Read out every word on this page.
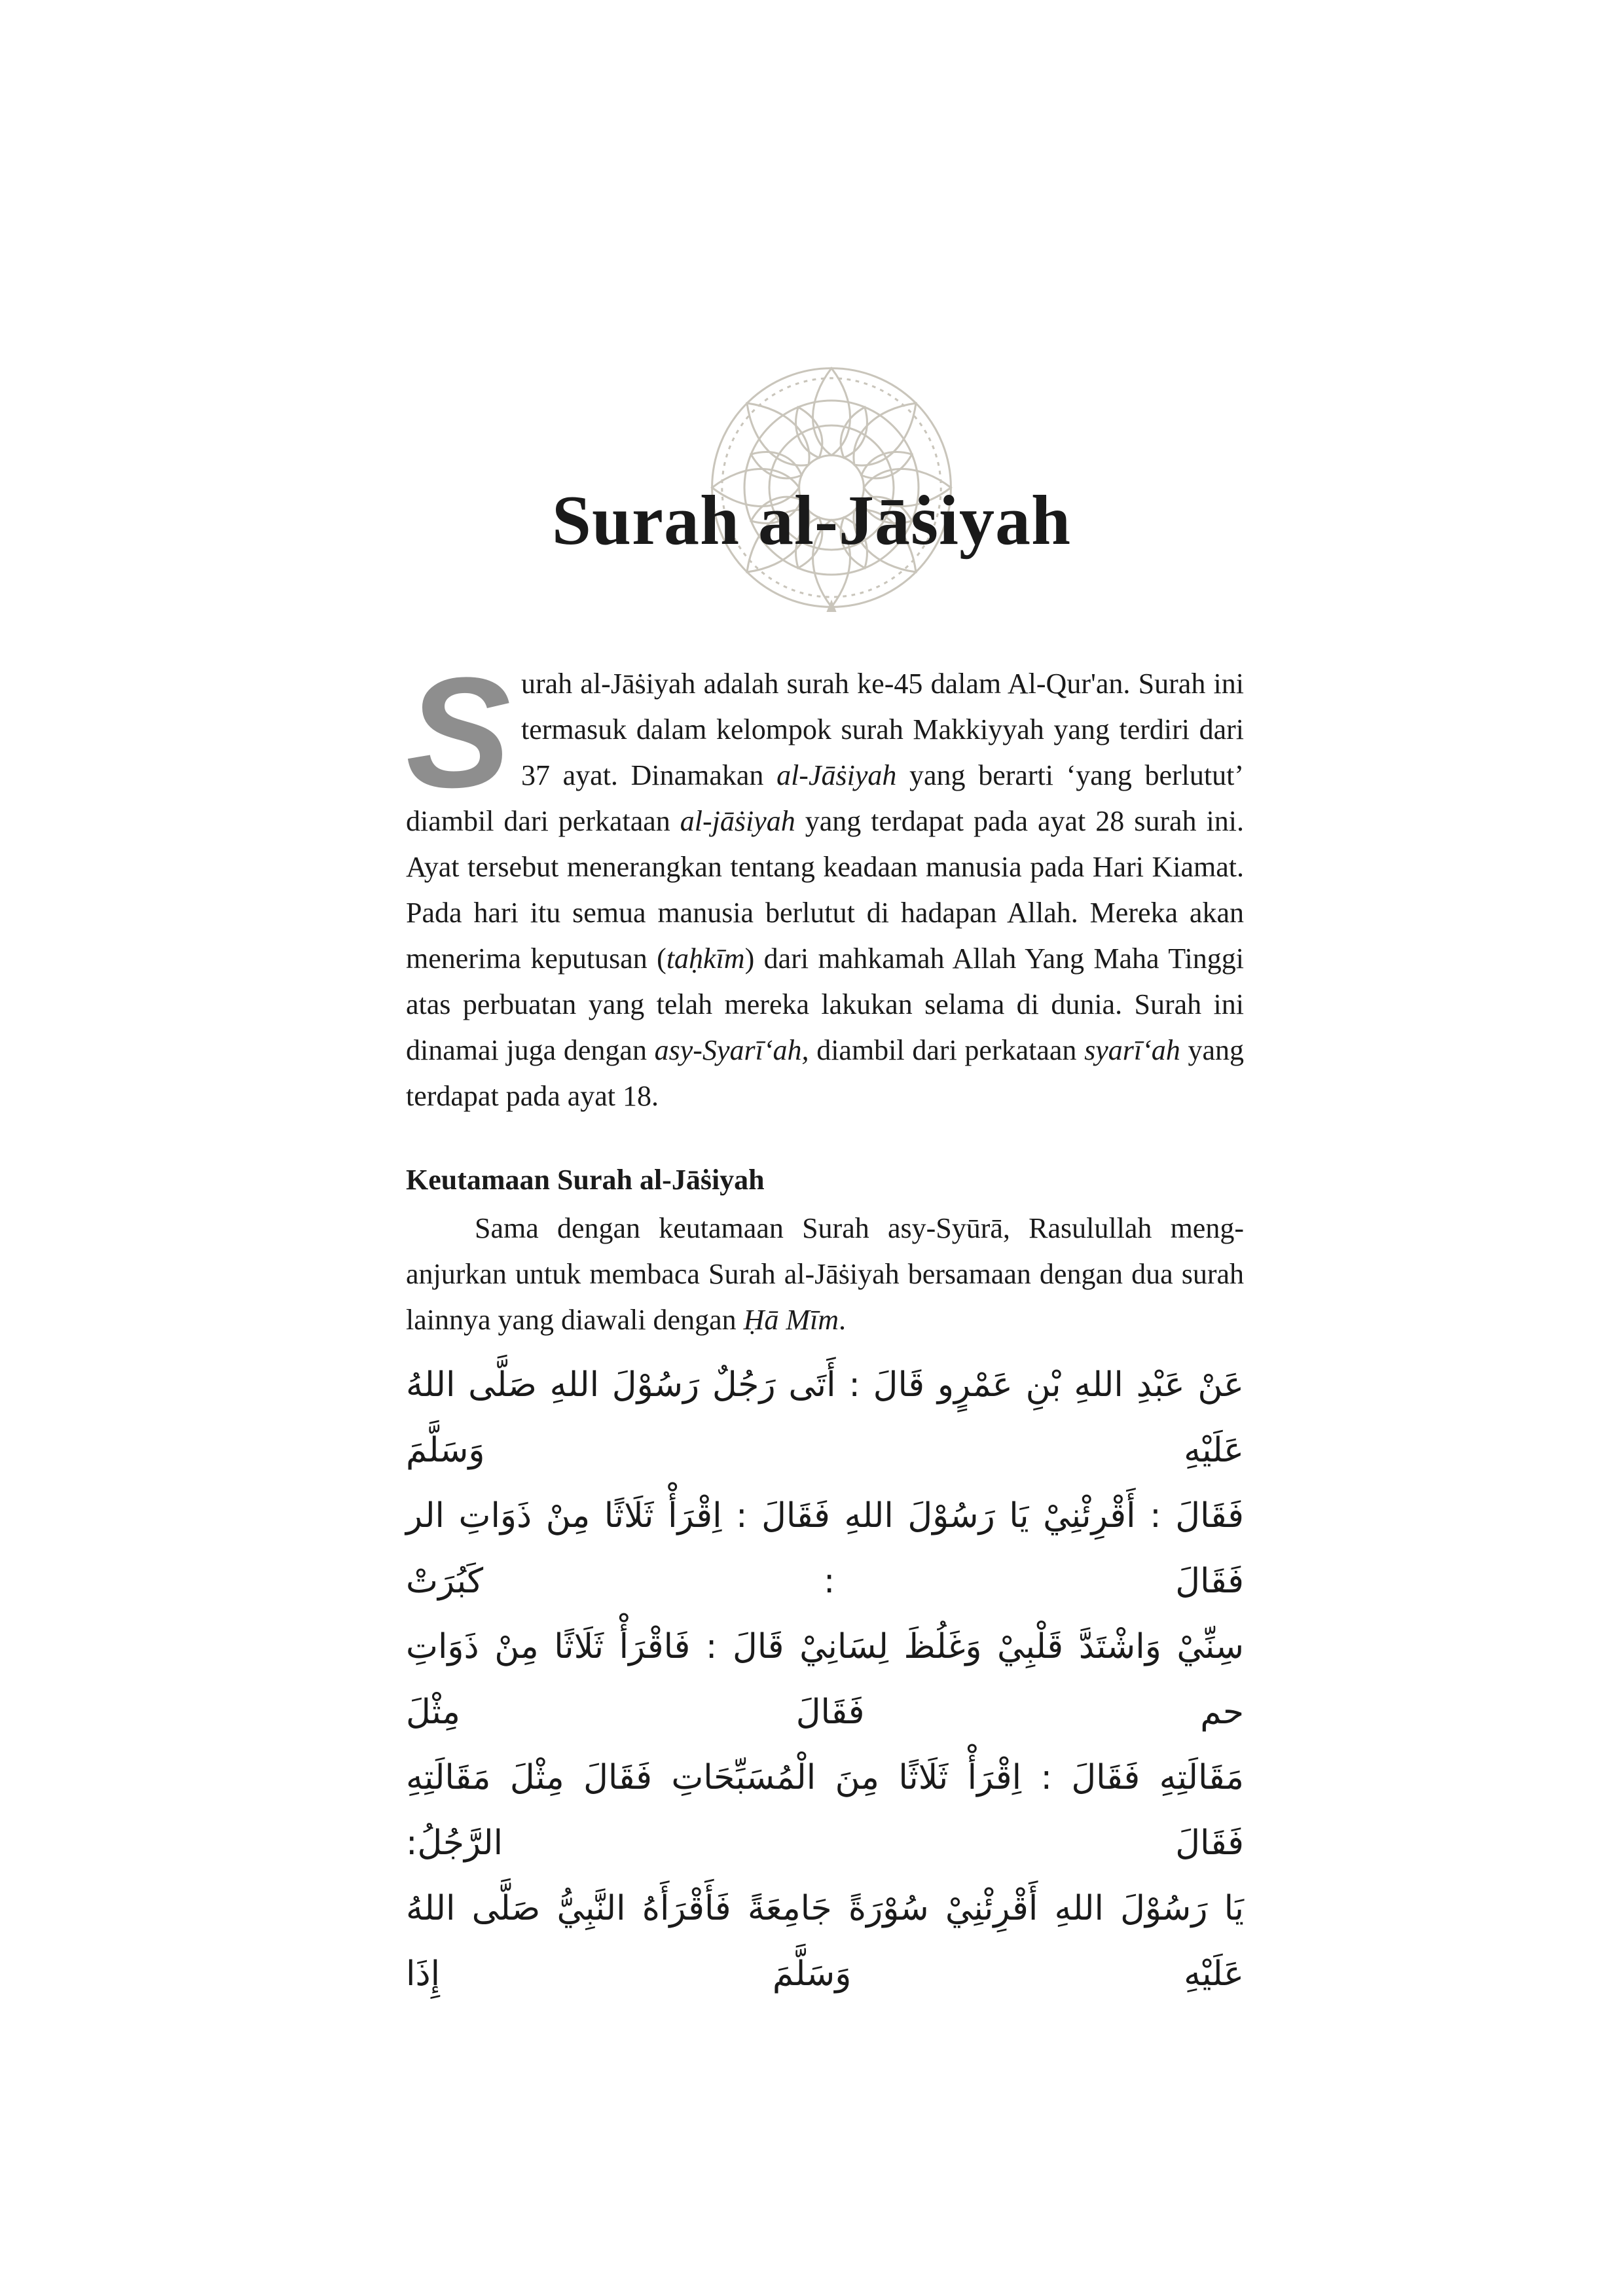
Surah al-Jāṡiyah

Surah al-Jāṡiyah adalah surah ke-45 dalam Al-Qur'an. Surah ini termasuk dalam kelompok surah Makkiyyah yang terdiri dari 37 ayat. Dinamakan al-Jāṡiyah yang berarti ‘yang berlutut’ diambil dari perkataan al-jāṡiyah yang terdapat pada ayat 28 surah ini. Ayat tersebut menerangkan tentang keadaan manusia pada Hari Kiamat. Pada hari itu semua manusia berlutut di hadapan Allah. Mereka akan menerima keputusan (taḥkīm) dari mahkamah Allah Yang Maha Tinggi atas perbuatan yang telah mereka lakukan selama di dunia. Surah ini dinamai juga dengan asy-Syarī‘ah, diambil dari perkataan syarī‘ah yang terdapat pada ayat 18.

Keutamaan Surah al-Jāṡiyah

Sama dengan keutamaan Surah asy-Syūrā, Rasulullah meng-anjurkan untuk membaca Surah al-Jāṡiyah bersamaan dengan dua surah lainnya yang diawali dengan Ḥā Mīm.

عَنْ عَبْدِ اللهِ بْنِ عَمْرٍو قَالَ : أَتَى رَجُلٌ رَسُوْلَ اللهِ صَلَّى اللهُ عَلَيْهِ وَسَلَّمَ
فَقَالَ : أَقْرِئْنِيْ يَا رَسُوْلَ اللهِ فَقَالَ : اِقْرَأْ ثَلَاثًا مِنْ ذَوَاتِ الر فَقَالَ : كَبُرَتْ
سِنِّيْ وَاشْتَدَّ قَلْبِيْ وَغَلُظَ لِسَانِيْ قَالَ : فَاقْرَأْ ثَلَاثًا مِنْ ذَوَاتِ حم فَقَالَ مِثْلَ
مَقَالَتِهِ فَقَالَ : اِقْرَأْ ثَلَاثًا مِنَ الْمُسَبِّحَاتِ فَقَالَ مِثْلَ مَقَالَتِهِ فَقَالَ الرَّجُلُ:
يَا رَسُوْلَ اللهِ أَقْرِئْنِيْ سُوْرَةً جَامِعَةً فَأَقْرَأَهُ النَّبِيُّ صَلَّى اللهُ عَلَيْهِ وَسَلَّمَ إِذَا
